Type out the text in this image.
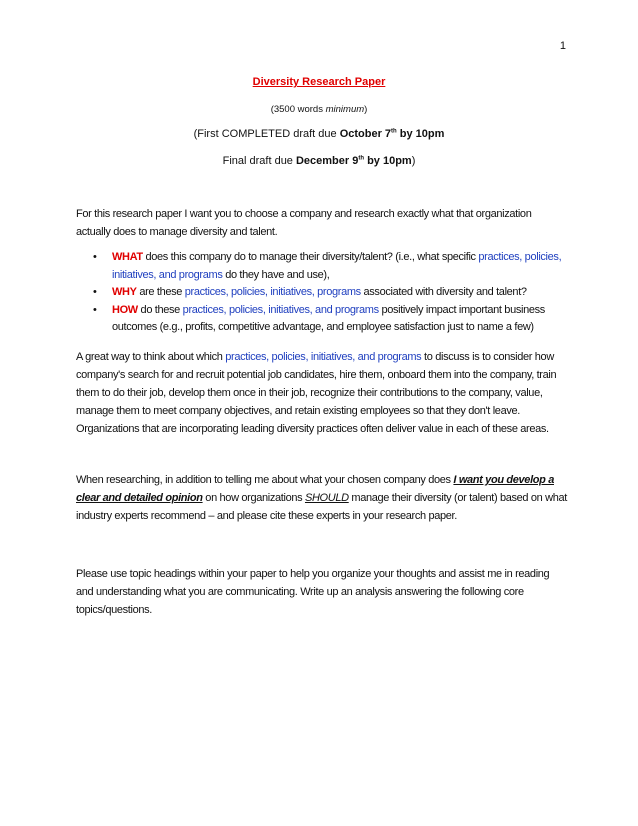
1
Diversity Research Paper
(3500 words minimum)
(First COMPLETED draft due October 7th by 10pm
Final draft due December 9th by 10pm)

For this research paper I want you to choose a company and research exactly what that organization actually does to manage diversity and talent.

• WHAT does this company do to manage their diversity/talent? (i.e., what specific practices, policies, initiatives, and programs do they have and use),
• WHY are these practices, policies, initiatives, programs associated with diversity and talent?
• HOW do these practices, policies, initiatives, and programs positively impact important business outcomes (e.g., profits, competitive advantage, and employee satisfaction just to name a few)

A great way to think about which practices, policies, initiatives, and programs to discuss is to consider how company's search for and recruit potential job candidates, hire them, onboard them into the company, train them to do their job, develop them once in their job, recognize their contributions to the company, value, manage them to meet company objectives, and retain existing employees so that they don't leave. Organizations that are incorporating leading diversity practices often deliver value in each of these areas.

When researching, in addition to telling me about what your chosen company does I want you develop a clear and detailed opinion on how organizations SHOULD manage their diversity (or talent) based on what industry experts recommend – and please cite these experts in your research paper.

Please use topic headings within your paper to help you organize your thoughts and assist me in reading and understanding what you are communicating. Write up an analysis answering the following core topics/questions.
